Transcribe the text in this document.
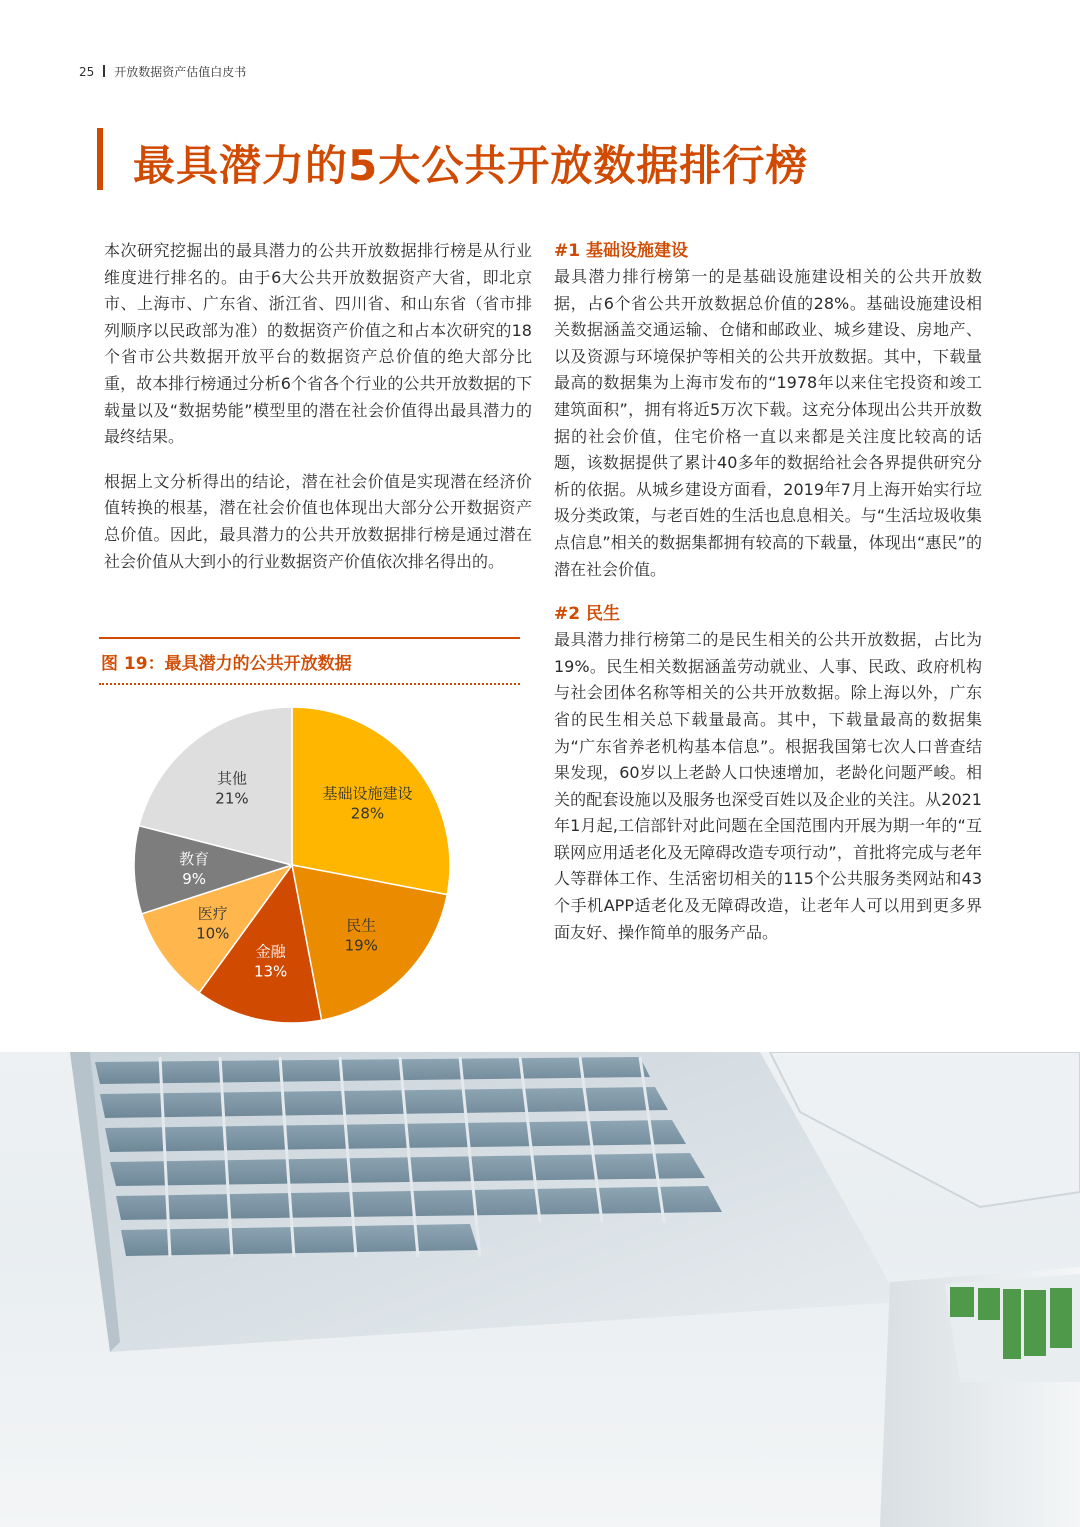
25 开放数据资产估值白皮书
最具潜力的5大公共开放数据排行榜

本次研究挖掘出的最具潜力的公共开放数据排行榜是从行业维度进行排名的。由于6大公共开放数据资产大省，即北京市、上海市、广东省、浙江省、四川省、和山东省（省市排列顺序以民政部为准）的数据资产价值之和占本次研究的18个省市公共数据开放平台的数据资产总价值的绝大部分比重，故本排行榜通过分析6个省各个行业的公共开放数据的下载量以及“数据势能”模型里的潜在社会价值得出最具潜力的最终结果。

根据上文分析得出的结论，潜在社会价值是实现潜在经济价值转换的根基，潜在社会价值也体现出大部分公开数据资产总价值。因此，最具潜力的公共开放数据排行榜是通过潜在社会价值从大到小的行业数据资产价值依次排名得出的。

图 19：最具潜力的公共开放数据
基础设施建设
28%
民生
19%
金融
13%
医疗
10%
教育
9%
其他
21%

#1 基础设施建设

最具潜力排行榜第一的是基础设施建设相关的公共开放数据，占6个省公共开放数据总价值的28%。基础设施建设相关数据涵盖交通运输、仓储和邮政业、城乡建设、房地产、以及资源与环境保护等相关的公共开放数据。其中，下载量最高的数据集为上海市发布的“1978年以来住宅投资和竣工建筑面积”，拥有将近5万次下载。这充分体现出公共开放数据的社会价值，住宅价格一直以来都是关注度比较高的话题，该数据提供了累计40多年的数据给社会各界提供研究分析的依据。从城乡建设方面看，2019年7月上海开始实行垃圾分类政策，与老百姓的生活也息息相关。与“生活垃圾收集点信息”相关的数据集都拥有较高的下载量，体现出“惠民”的潜在社会价值。

#2 民生

最具潜力排行榜第二的是民生相关的公共开放数据，占比为19%。民生相关数据涵盖劳动就业、人事、民政、政府机构与社会团体名称等相关的公共开放数据。除上海以外，广东省的民生相关总下载量最高。其中，下载量最高的数据集为“广东省养老机构基本信息”。根据我国第七次人口普查结果发现，60岁以上老龄人口快速增加，老龄化问题严峻。相关的配套设施以及服务也深受百姓以及企业的关注。从2021年1月起,工信部针对此问题在全国范围内开展为期一年的“互联网应用适老化及无障碍改造专项行动”，首批将完成与老年人等群体工作、生活密切相关的115个公共服务类网站和43个手机APP适老化及无障碍改造，让老年人可以用到更多界面友好、操作简单的服务产品。
